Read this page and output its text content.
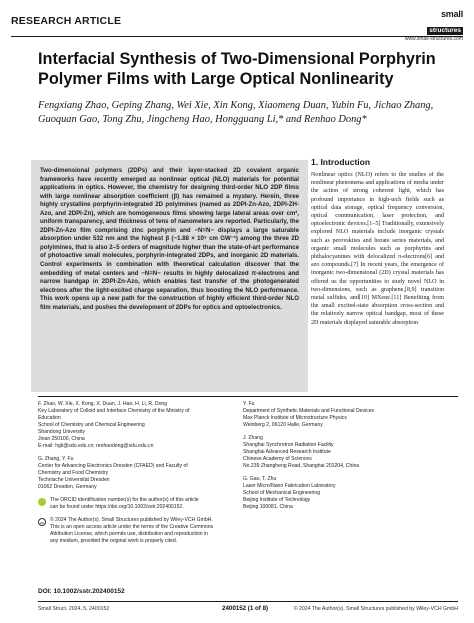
RESEARCH ARTICLE
small
structures
www.small-structures.com
Interfacial Synthesis of Two-Dimensional Porphyrin Polymer Films with Large Optical Nonlinearity
Fengxiang Zhao, Geping Zhang, Wei Xie, Xin Kong, Xiaomeng Duan, Yubin Fu, Jichao Zhang, Guoquan Gao, Tong Zhu, Jingcheng Hao, Hongguang Li,* and Renhao Dong*

Two-dimensional polymers (2DPs) and their layer-stacked 2D covalent organic frameworks have recently emerged as nonlinear optical (NLO) materials for potential applications in optics. However, the chemistry for designing third-order NLO 2DP films with large nonlinear absorption coefficient (β) has remained a mystery. Herein, three highly crystalline porphyrin-integrated 2D polyimines (named as 2DPI-Zn-Azo, 2DPI-ZH-Azo, and 2DPI-Zn), which are homogeneous films showing large lateral areas over cm², uniform transparency, and thickness of tens of nanometers are reported. Particularly, the 2DPI-Zn-Azo film comprising zinc porphyrin and −N=N− displays a large saturable absorption under 532 nm and the highest β (−1.88 × 10⁵ cm GW⁻¹) among the three 2D polyimines, that is also 2–5 orders of magnitude higher than the state-of-art performance of photoactive small molecules, porphyrin-integrated 2DPs, and inorganic 2D materials. Control experiments in combination with theoretical calculation discover that the embedding of metal centers and −N=N− results in highly delocalized π-electrons and narrow bandgap in 2DPI-Zn-Azo, which enables fast transfer of the photogenerated electrons after the light-excited charge separation, thus boosting the NLO performance. This work opens up a new path for the construction of highly efficient third-order NLO film materials, and pushes the development of 2DPs for optics and optoelectronics.

1. Introduction

Nonlinear optics (NLO) refers to the studies of the nonlinear phenomena and applications of media under the action of strong coherent light, which has profound importance in high-tech fields such as optical data storage, optical frequency conversion, optical communication, laser protection, and optoelectronic devices.[1–5] Traditionally, extensively explored NLO materials include inorganic crystals such as perovskites and borate series materials, and organic small molecules such as porphyrins and phthalocyanines with delocalized π-electrons[6] and azo compounds.[7] In recent years, the emergence of inorganic two-dimensional (2D) crystal materials has offered us the opportunities to study novel NLO in two-dimensions, such as graphene,[8,9] transition metal sulfides, and[10] MXene.[11] Benefiting from the small excited-state absorption cross-section and the relatively narrow optical bandgap, most of these 2D materials displayed saturable absorption

F. Zhao, W. Xie, X. Kong, X. Duan, J. Hao, H. Li, R. Dong
Key Laboratory of Colloid and Interface Chemistry of the Ministry of
Education
School of Chemistry and Chemical Engineering
Shandong University
Jinan 250100, China
E-mail: hgli@sdu.edu.cn; renhaodong@sdu.edu.cn
G. Zhang, Y. Fu
Center for Advancing Electronics Dresden (CFAED) and Faculty of
Chemistry and Food Chemistry
Technische Universität Dresden
01062 Dresden, Germany
The ORCID identification number(s) for the author(s) of this article
can be found under https://doi.org/10.1002/sstr.202400152.
cc	© 2024 The Author(s). Small Structures published by Wiley-VCH GmbH.
This is an open access article under the terms of the Creative Commons
Attribution License, which permits use, distribution and reproduction in
any medium, provided the original work is properly cited.
Y. Fu
Department of Synthetic Materials and Functional Devices
Max Planck Institute of Microstructure Physics
Weinberg 2, 06120 Halle, Germany
J. Zhang
Shanghai Synchrotron Radiation Facility
Shanghai Advanced Research Institute
Chinese Academy of Sciences
No.239 Zhangheng Road, Shanghai 201204, China
G. Gao, T. Zhu
Laser Micro/Nano Fabrication Laboratory
School of Mechanical Engineering
Beijing Institute of Technology
Beijing 100081, China
DOI: 10.1002/sstr.202400152
Small Struct. 2024, 5, 2400152	2400152 (1 of 8)	© 2024 The Author(s). Small Structures published by Wiley-VCH GmbH
